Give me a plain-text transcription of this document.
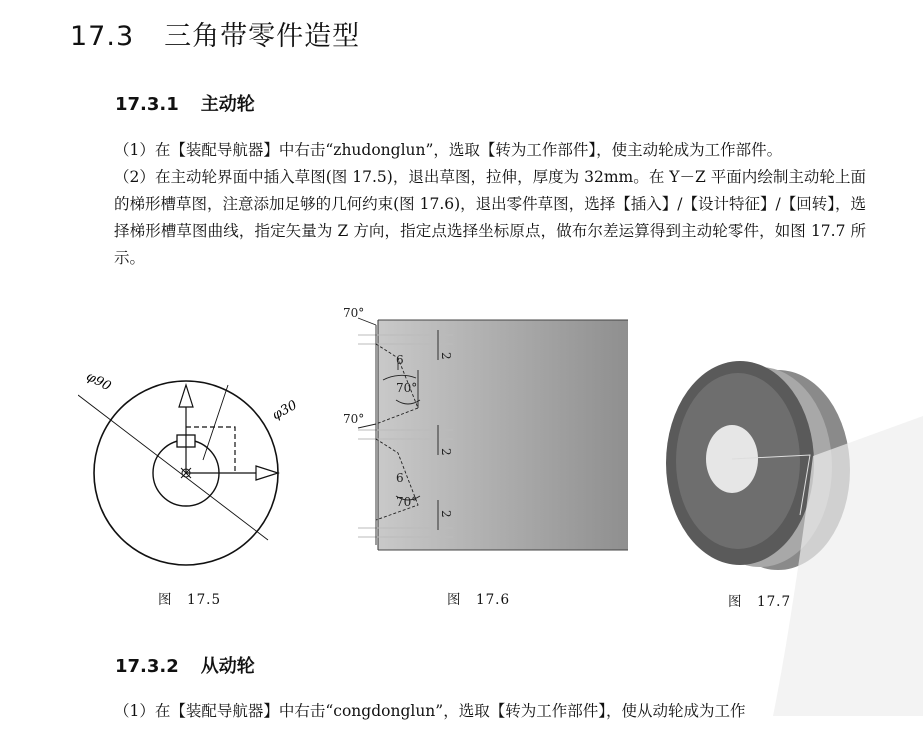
17.3 三角带零件造型
17.3.1 主动轮
（1）在【装配导航器】中右击“zhudonglun”，选取【转为工作部件】，使主动轮成为工作部件。
（2）在主动轮界面中插入草图(图 17.5)，退出草图，拉伸，厚度为 32mm。在 Y－Z 平面内绘制主动轮上面的梯形槽草图，注意添加足够的几何约束(图 17.6)，退出零件草图，选择【插入】/【设计特征】/【回转】，选择梯形槽草图曲线，指定矢量为 Z 方向，指定点选择坐标原点，做布尔差运算得到主动轮零件，如图 17.7 所示。
φ90
φ30
图　17.5
70°
70°
6	2
70°
2
6
70°
2
图　17.6	图　17.7
17.3.2 从动轮
（1）在【装配导航器】中右击“congdonglun”，选取【转为工作部件】，使从动轮成为工作
